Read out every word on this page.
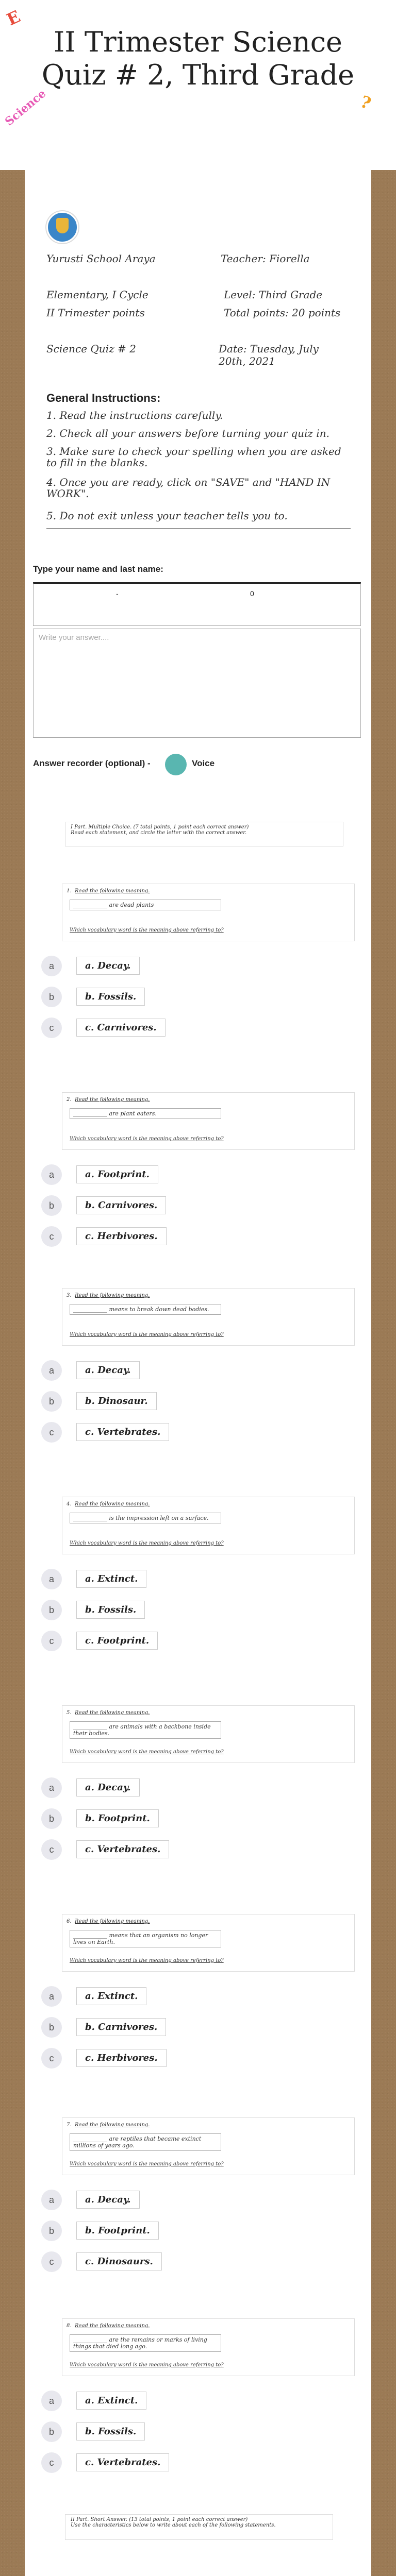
E
Science	?
II Trimester Science Quiz # 2, Third Grade
Yurusti School Araya	Teacher: Fiorella
Elementary, I Cycle	Level: Third Grade
II Trimester points	Total points: 20 points
Science Quiz # 2	Date: Tuesday, July 20th, 2021
General Instructions:
1. Read the instructions carefully.
2. Check all your answers before turning your quiz in.
3. Make sure to check your spelling when you are asked to fill in the blanks.
4. Once you are ready, click on "SAVE" and "HAND IN WORK".
5. Do not exit unless your teacher tells you to.
Type your name and last name:
-	0
Write your answer....
Answer recorder (optional) -	Voice
I Part. Multiple Choice. (7 total points, 1 point each correct answer)
Read each statement, and circle the letter with the correct answer.
1. Read the following meaning.
____________ are dead plants
Which vocabulary word is the meaning above referring to?
a	a. Decay.
b	b. Fossils.
c	c. Carnivores.
2. Read the following meaning.
____________ are plant eaters.
Which vocabulary word is the meaning above referring to?
a	a. Footprint.
b	b. Carnivores.
c	c. Herbivores.
3. Read the following meaning.
____________ means to break down dead bodies.
Which vocabulary word is the meaning above referring to?
a	a. Decay.
b	b. Dinosaur.
c	c. Vertebrates.
4. Read the following meaning.
____________ is the impression left on a surface.
Which vocabulary word is the meaning above referring to?
a	a. Extinct.
b	b. Fossils.
c	c. Footprint.
5. Read the following meaning.
____________ are animals with a backbone inside their bodies.
Which vocabulary word is the meaning above referring to?
a	a. Decay.
b	b. Footprint.
c	c. Vertebrates.
6. Read the following meaning.
____________ means that an organism no longer lives on Earth.
Which vocabulary word is the meaning above referring to?
a	a. Extinct.
b	b. Carnivores.
c	c. Herbivores.
7. Read the following meaning.
____________ are reptiles that became extinct millions of years ago.
Which vocabulary word is the meaning above referring to?
a	a. Decay.
b	b. Footprint.
c	c. Dinosaurs.
8. Read the following meaning.
____________ are the remains or marks of living things that died long ago.
Which vocabulary word is the meaning above referring to?
a	a. Extinct.
b	b. Fossils.
c	c. Vertebrates.
II Part. Short Answer. (13 total points, 1 point each correct answer)
Use the characteristics below to write about each of the following statements.
